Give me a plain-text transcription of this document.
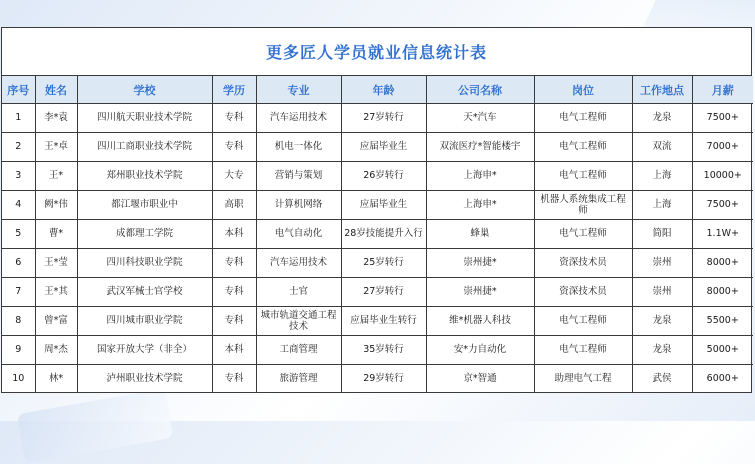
更多匠人学员就业信息统计表
序号	姓名	学校	学历	专业	年龄	公司名称	岗位	工作地点	月薪
1	李*袁	四川航天职业技术学院	专科	汽车运用技术	27岁转行	天*汽车	电气工程师	龙泉	7500+
2	王*卓	四川工商职业技术学院	专科	机电一体化	应届毕业生	双流医疗*智能楼宇	电气工程师	双流	7000+
3	王*	郑州职业技术学院	大专	营销与策划	26岁转行	上海申*	电气工程师	上海	10000+
4	阙*伟	都江堰市职业中	高职	计算机网络	应届毕业生	上海申*	机器人系统集成工程师	上海	7500+
5	曹*	成都理工学院	本科	电气自动化	28岁技能提升入行	蜂巢	电气工程师	简阳	1.1W+
6	王*莹	四川科技职业学院	专科	汽车运用技术	25岁转行	崇州捷*	资深技术员	崇州	8000+
7	王*其	武汉军械士官学校	专科	士官	27岁转行	崇州捷*	资深技术员	崇州	8000+
8	曾*富	四川城市职业学院	专科	城市轨道交通工程技术	应届毕业生转行	维*机器人科技	电气工程师	龙泉	5500+
9	周*杰	国家开放大学（非全）	本科	工商管理	35岁转行	安*力自动化	电气工程师	龙泉	5000+
10	林*	泸州职业技术学院	专科	旅游管理	29岁转行	京*智通	助理电气工程	武侯	6000+
